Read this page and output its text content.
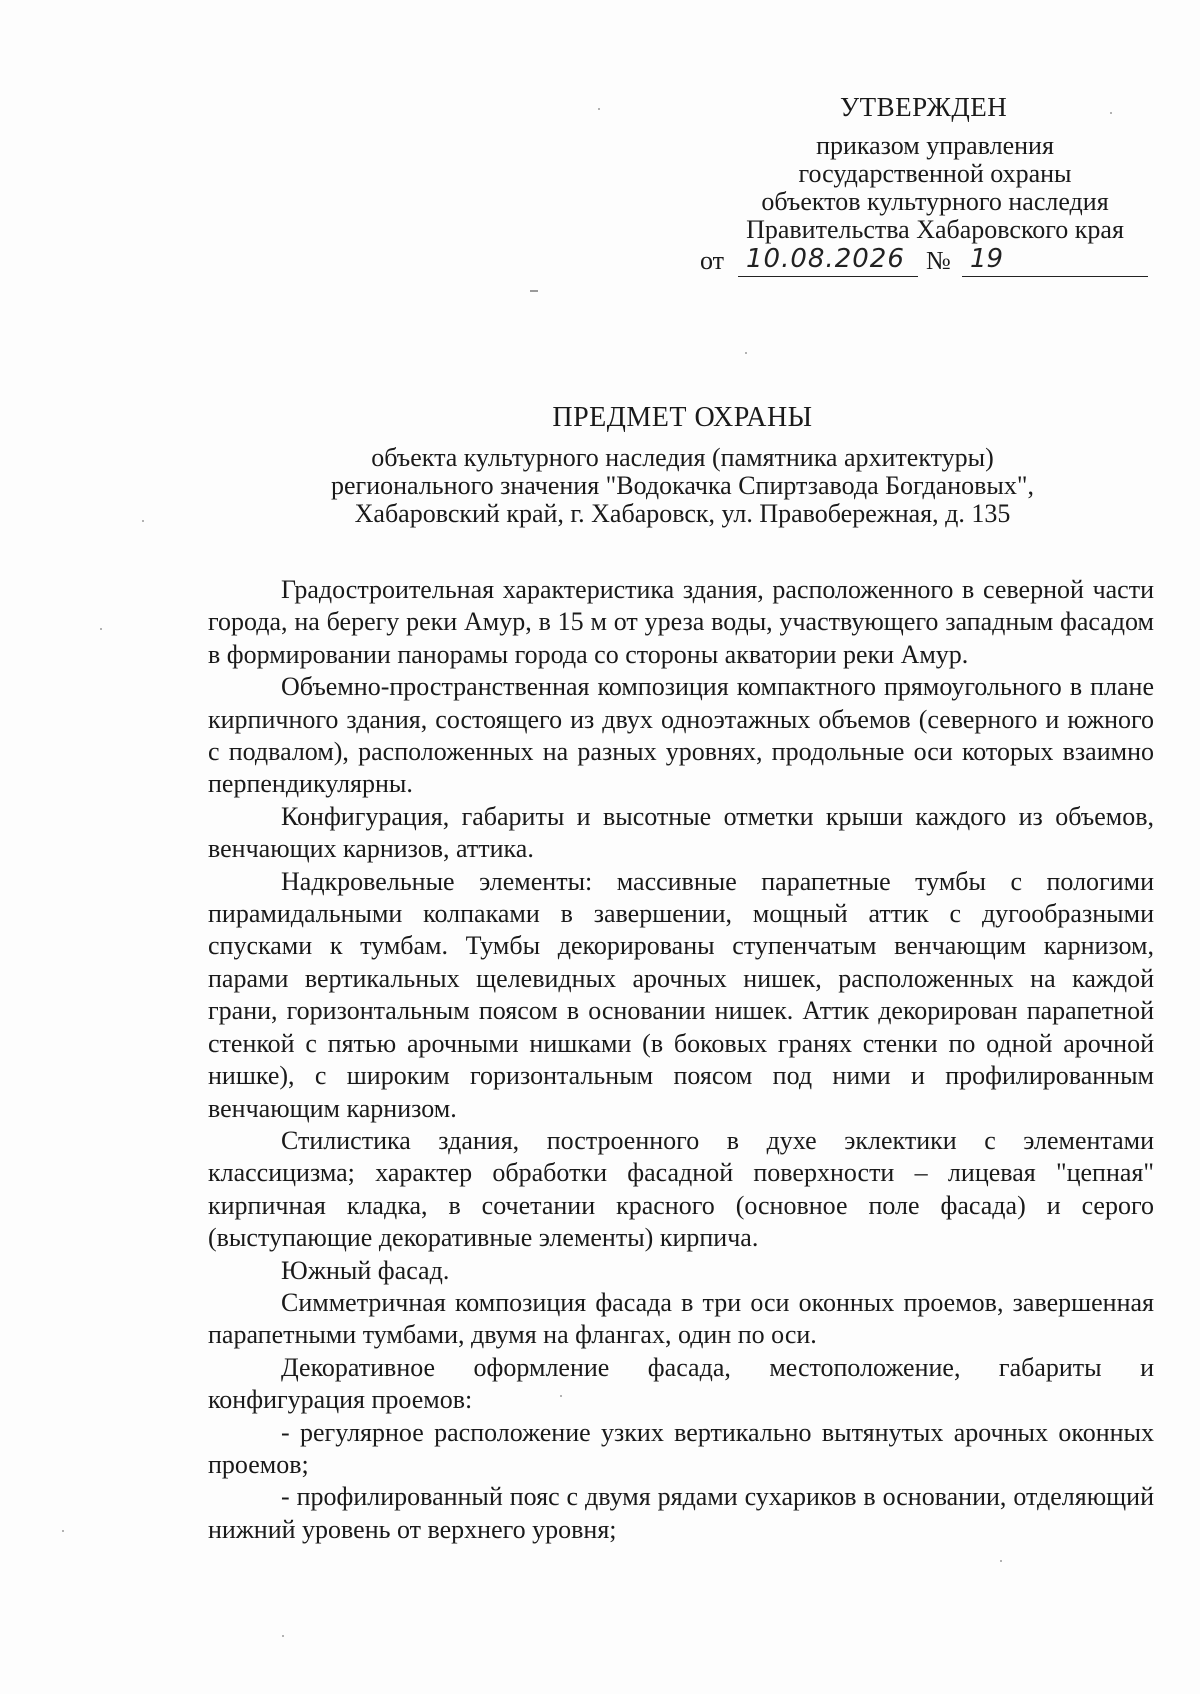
УТВЕРЖДЕН
приказом управления
государственной охраны
объектов культурного наследия
Правительства Хабаровского края
от 10.08.2026 № 19
ПРЕДМЕТ ОХРАНЫ
объекта культурного наследия (памятника архитектуры)
регионального значения "Водокачка Спиртзавода Богдановых",
Хабаровский край, г. Хабаровск, ул. Правобережная, д. 135

Градостроительная характеристика здания, расположенного в северной части города, на берегу реки Амур, в 15 м от уреза воды, участвующего западным фасадом в формировании панорамы города со стороны акватории реки Амур.

Объемно-пространственная композиция компактного прямоугольного в плане кирпичного здания, состоящего из двух одноэтажных объемов (северного и южного с подвалом), расположенных на разных уровнях, продольные оси которых взаимно перпендикулярны.

Конфигурация, габариты и высотные отметки крыши каждого из объемов, венчающих карнизов, аттика.

Надкровельные элементы: массивные парапетные тумбы с пологими пирамидальными колпаками в завершении, мощный аттик с дугообразными спусками к тумбам. Тумбы декорированы ступенчатым венчающим карнизом, парами вертикальных щелевидных арочных нишек, расположенных на каждой грани, горизонтальным поясом в основании нишек. Аттик декорирован парапетной стенкой с пятью арочными нишками (в боковых гранях стенки по одной арочной нишке), с широким горизонтальным поясом под ними и профилированным венчающим карнизом.

Стилистика здания, построенного в духе эклектики с элементами классицизма; характер обработки фасадной поверхности – лицевая "цепная" кирпичная кладка, в сочетании красного (основное поле фасада) и серого (выступающие декоративные элементы) кирпича.

Южный фасад.

Симметричная композиция фасада в три оси оконных проемов, завершенная парапетными тумбами, двумя на флангах, один по оси.

Декоративное оформление фасада, местоположение, габариты и конфигурация проемов:

- регулярное расположение узких вертикально вытянутых арочных оконных проемов;

- профилированный пояс с двумя рядами сухариков в основании, отделяющий нижний уровень от верхнего уровня;
